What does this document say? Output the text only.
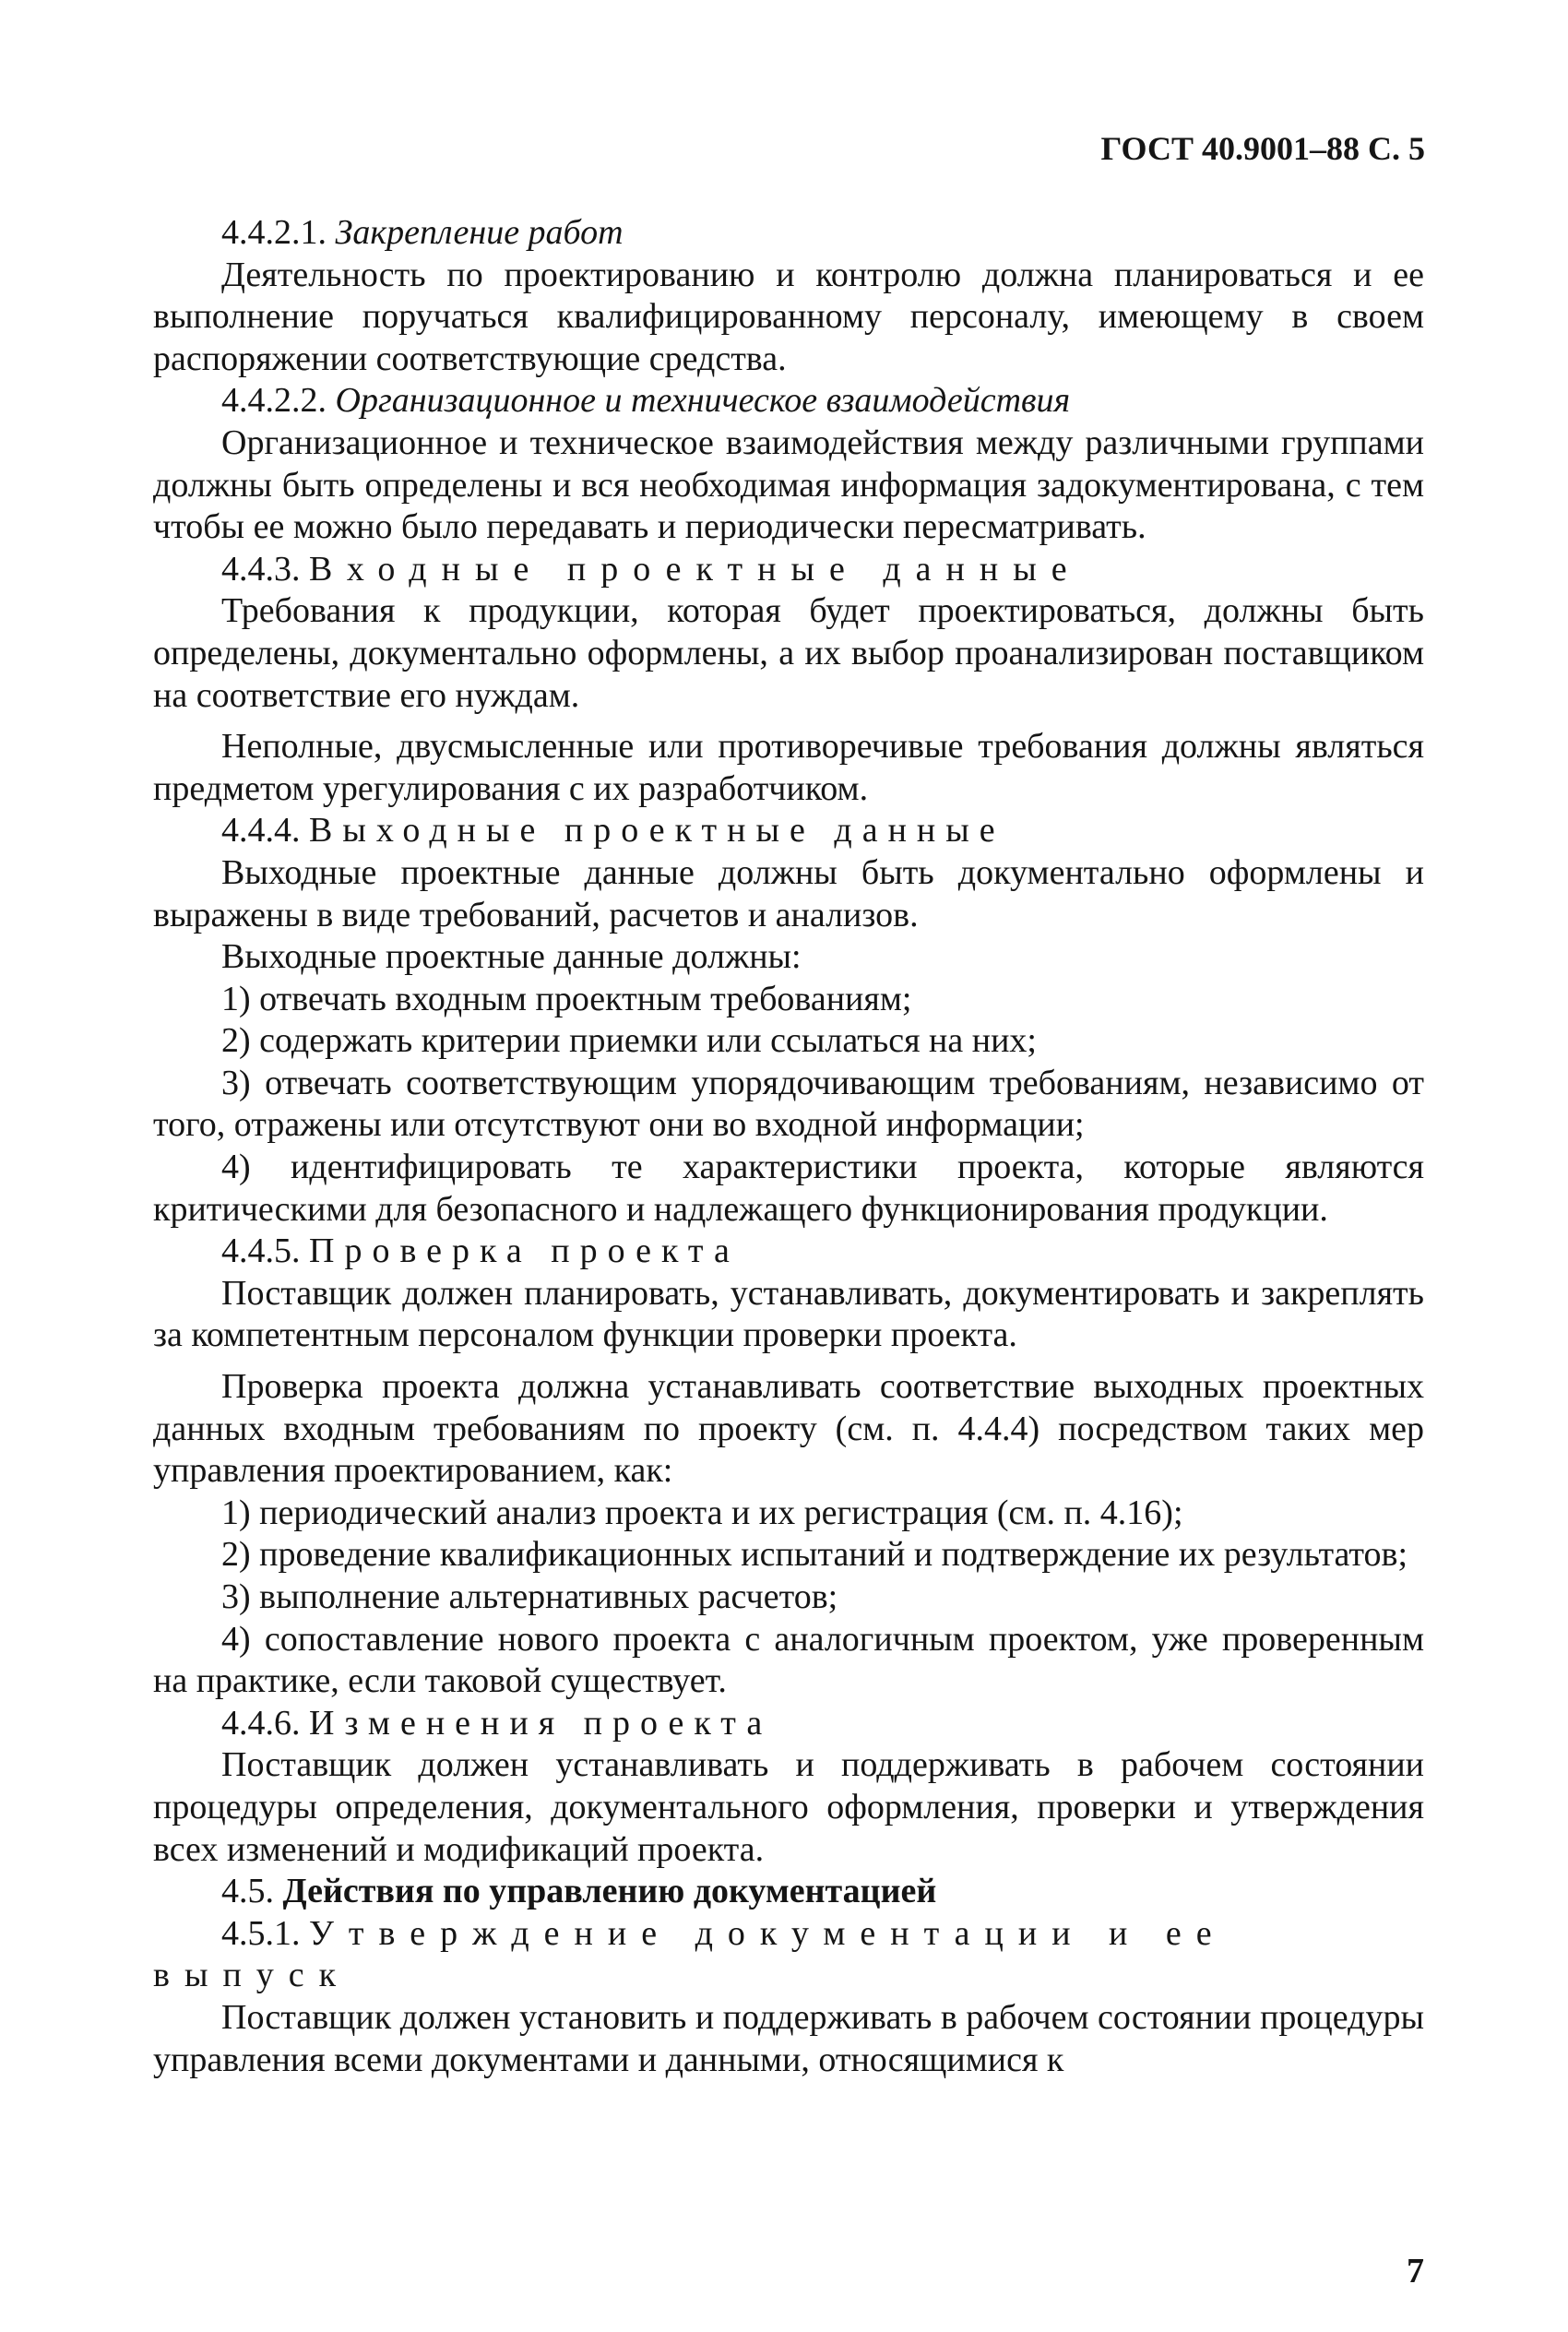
ГОСТ 40.9001–88 С. 5

4.4.2.1. Закрепление работ

Деятельность по проектированию и контролю должна планироваться и ее выполнение поручаться квалифицированному персоналу, имеющему в своем распоряжении соответствующие средства.

4.4.2.2. Организационное и техническое взаимодействия

Организационное и техническое взаимодействия между различными группами должны быть определены и вся необходимая информация задокументирована, с тем чтобы ее можно было передавать и периодически пересматривать.

4.4.3. Входные проектные данные

Требования к продукции, которая будет проектироваться, должны быть определены, документально оформлены, а их выбор проанализирован поставщиком на соответствие его нуждам.

Неполные, двусмысленные или противоречивые требования должны являться предметом урегулирования с их разработчиком.

4.4.4. Выходные проектные данные

Выходные проектные данные должны быть документально оформлены и выражены в виде требований, расчетов и анализов.

Выходные проектные данные должны:

1) отвечать входным проектным требованиям;

2) содержать критерии приемки или ссылаться на них;

3) отвечать соответствующим упорядочивающим требованиям, независимо от того, отражены или отсутствуют они во входной информации;

4) идентифицировать те характеристики проекта, которые являются критическими для безопасного и надлежащего функционирования продукции.

4.4.5. Проверка проекта

Поставщик должен планировать, устанавливать, документировать и закреплять за компетентным персоналом функции проверки проекта.

Проверка проекта должна устанавливать соответствие выходных проектных данных входным требованиям по проекту (см. п. 4.4.4) посредством таких мер управления проектированием, как:

1) периодический анализ проекта и их регистрация (см. п. 4.16);

2) проведение квалификационных испытаний и подтверждение их результатов;

3) выполнение альтернативных расчетов;

4) сопоставление нового проекта с аналогичным проектом, уже проверенным на практике, если таковой существует.

4.4.6. Изменения проекта

Поставщик должен устанавливать и поддерживать в рабочем состоянии процедуры определения, документального оформления, проверки и утверждения всех изменений и модификаций проекта.

4.5. Действия по управлению документацией

4.5.1. Утверждение документации и ее выпуск

Поставщик должен установить и поддерживать в рабочем состоянии процедуры управления всеми документами и данными, относящимися к

7
